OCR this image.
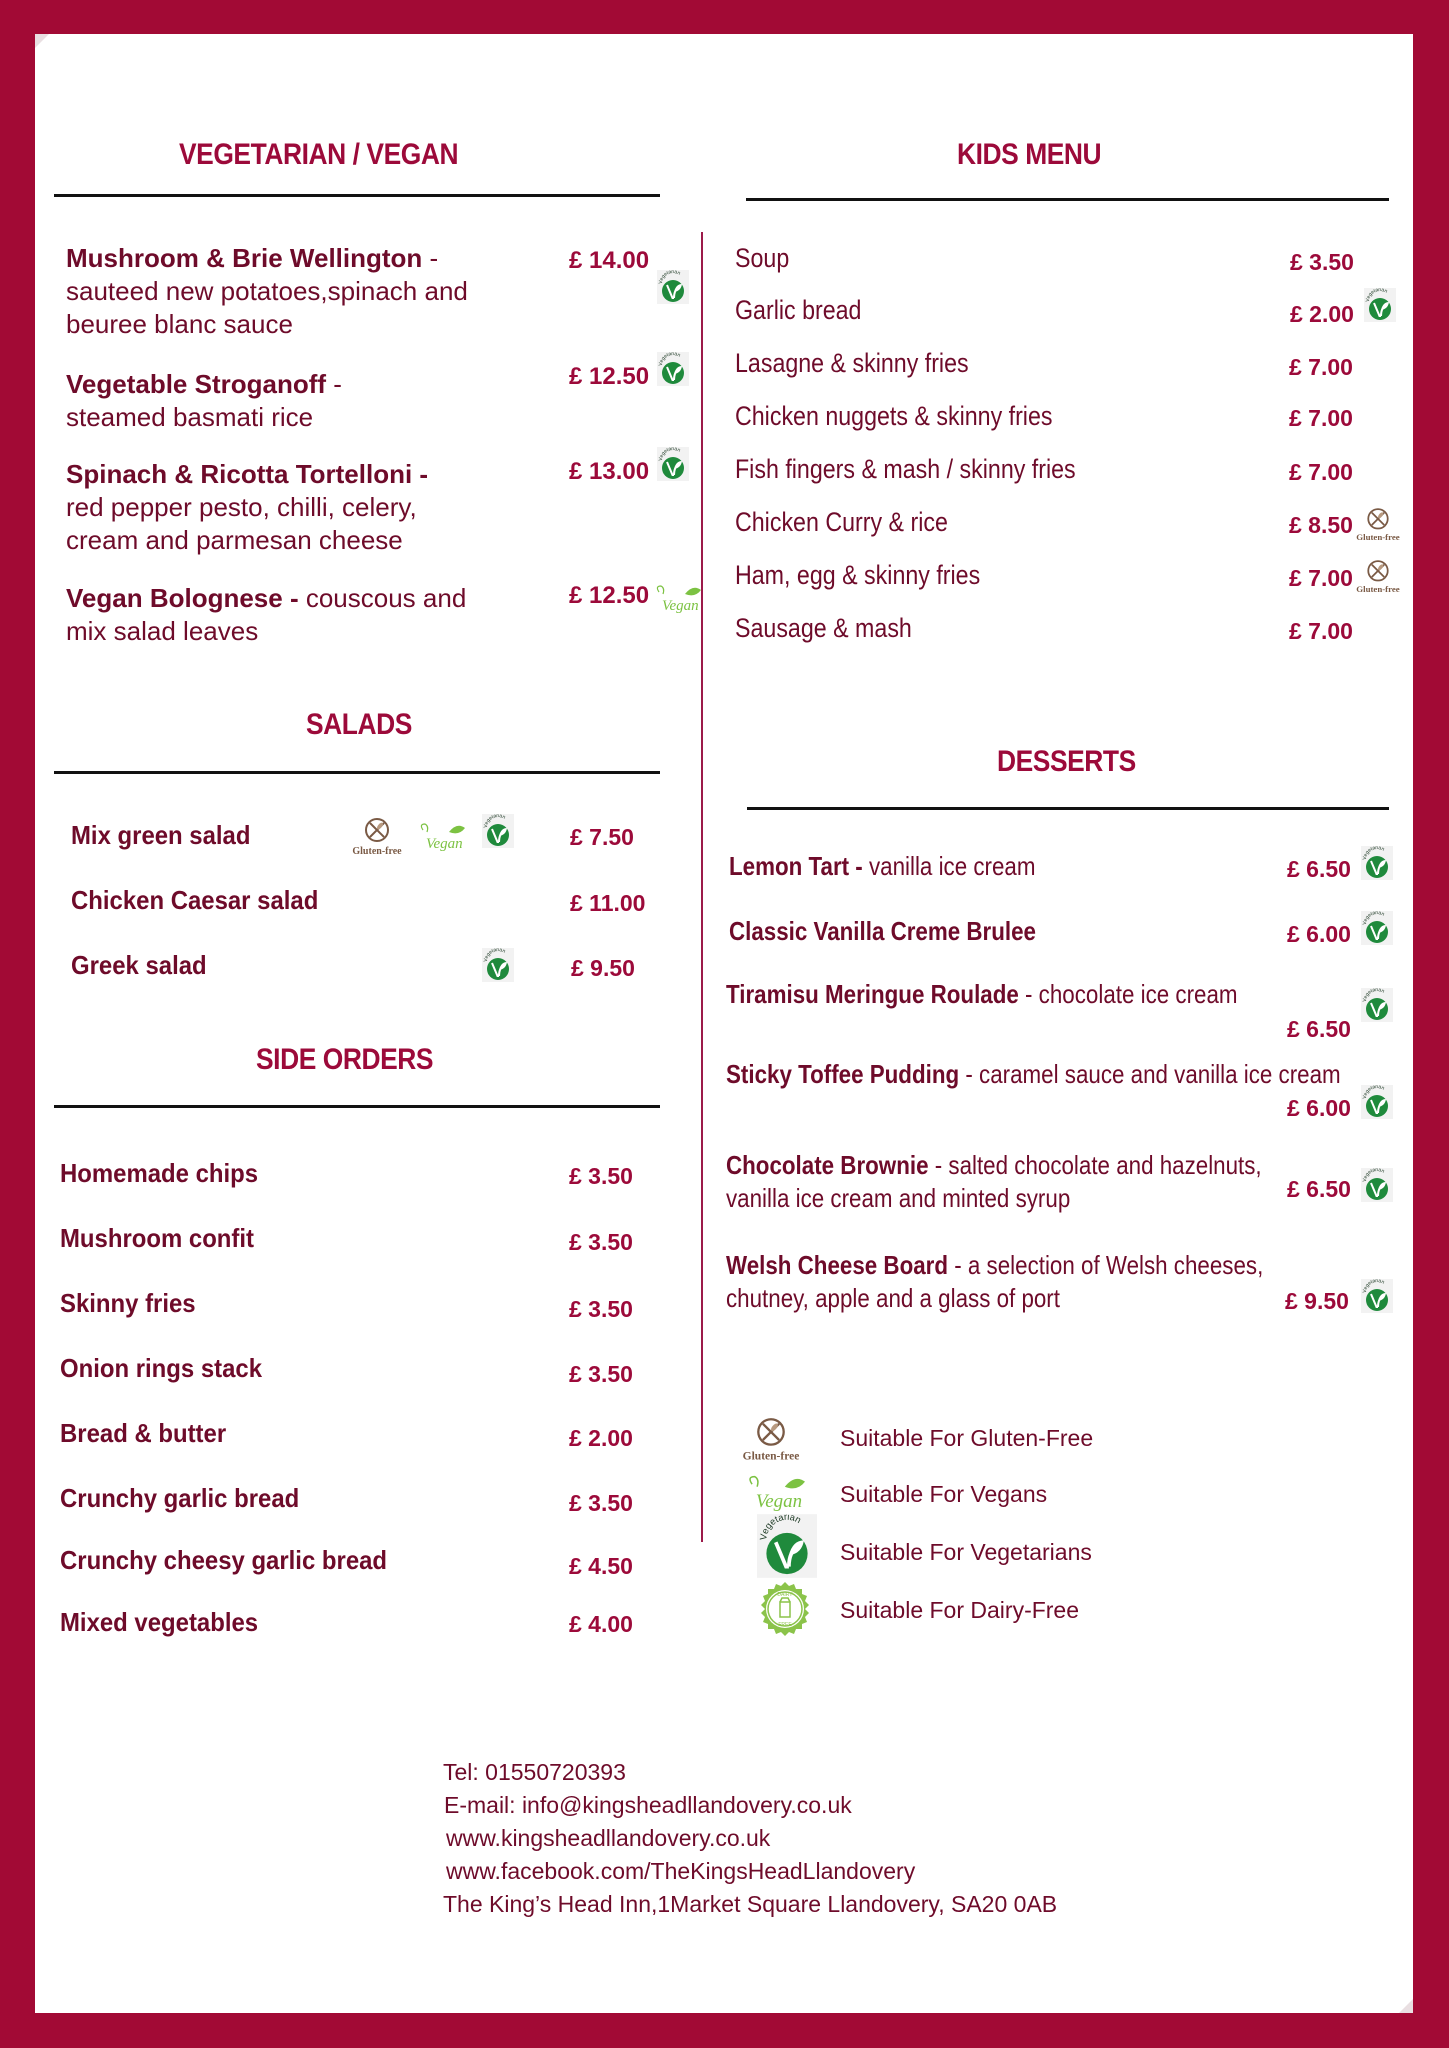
VEGETARIAN / VEGAN
Mushroom & Brie Wellington -
sauteed new potatoes,spinach and
beuree blanc sauce
£ 14.00
Vegetable Stroganoff -
steamed basmati rice
£ 12.50
Spinach & Ricotta Tortelloni -
red pepper pesto, chilli, celery,
cream and parmesan cheese
£ 13.00
Vegan Bolognese - couscous and
mix salad leaves
£ 12.50
SALADS
Mix green salad	£ 7.50
Chicken Caesar salad	£ 11.00
Greek salad	£ 9.50
SIDE ORDERS
Homemade chips	£ 3.50
Mushroom confit	£ 3.50
Skinny fries	£ 3.50
Onion rings stack	£ 3.50
Bread & butter	£ 2.00
Crunchy garlic bread	£ 3.50
Crunchy cheesy garlic bread	£ 4.50
Mixed vegetables	£ 4.00
KIDS MENU
Soup	£ 3.50
Garlic bread	£ 2.00
Lasagne & skinny fries	£ 7.00
Chicken nuggets & skinny fries	£ 7.00
Fish fingers & mash / skinny fries	£ 7.00
Chicken Curry & rice	£ 8.50
Ham, egg & skinny fries	£ 7.00
Sausage & mash	£ 7.00
DESSERTS
Lemon Tart - vanilla ice cream	£ 6.50
Classic Vanilla Creme Brulee	£ 6.00
Tiramisu Meringue Roulade - chocolate ice cream
£ 6.50
Sticky Toffee Pudding - caramel sauce and vanilla ice cream
£ 6.00
Chocolate Brownie - salted chocolate and hazelnuts,
vanilla ice cream and minted syrup	£ 6.50
Welsh Cheese Board - a selection of Welsh cheeses,
chutney, apple and a glass of port	£ 9.50
Suitable For Gluten-Free
Suitable For Vegans
Suitable For Vegetarians
Suitable For Dairy-Free
Tel: 01550720393
E-mail: info@kingsheadllandovery.co.uk
www.kingsheadllandovery.co.uk
www.facebook.com/TheKingsHeadLlandovery
The King’s Head Inn,1Market Square Llandovery, SA20 0AB
